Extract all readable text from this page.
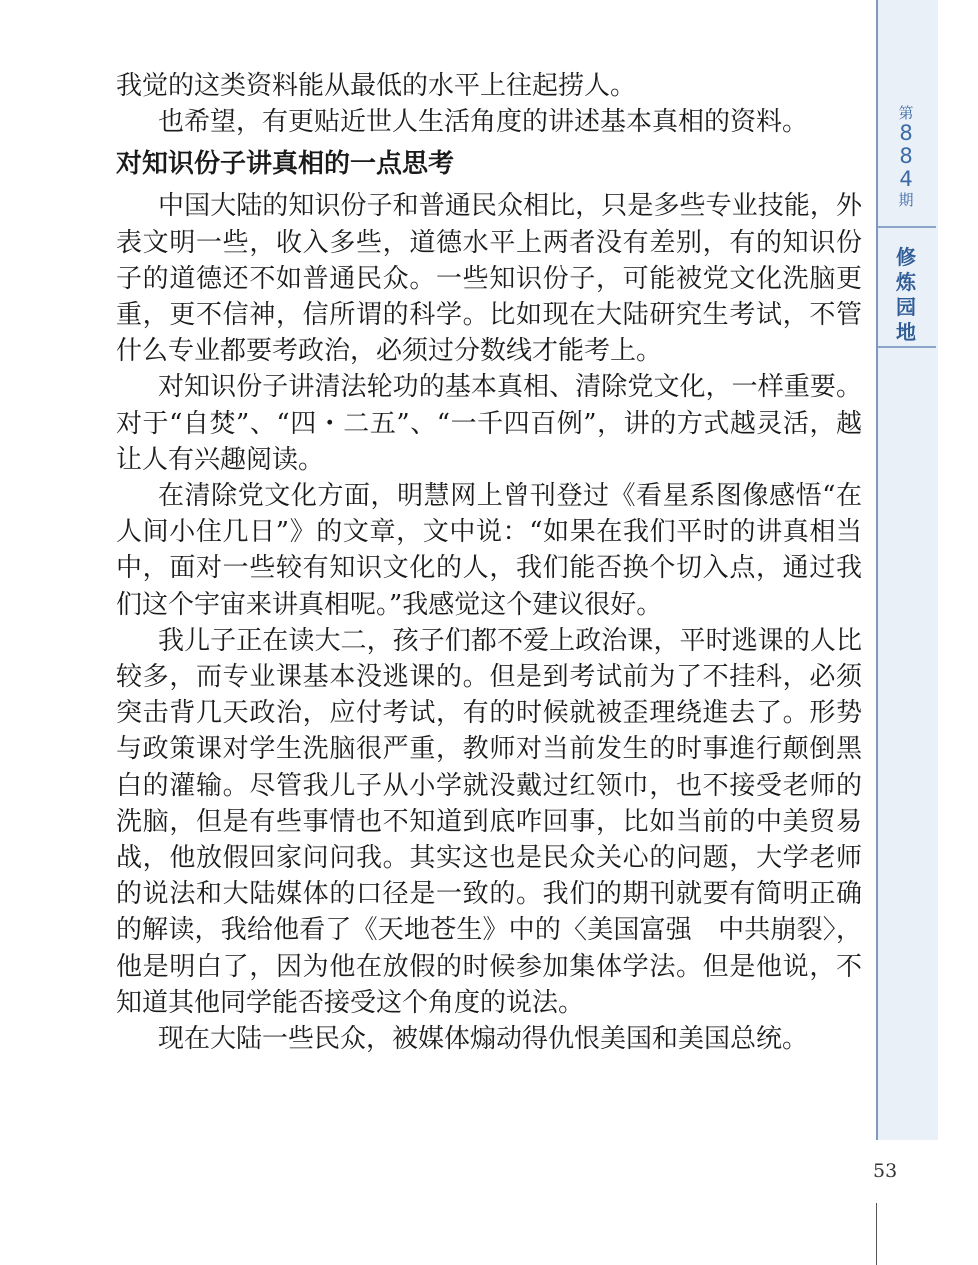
我觉的这类资料能从最低的水平上往起捞人。

也希望，有更贴近世人生活角度的讲述基本真相的资料。

对知识份子讲真相的一点思考

中国大陆的知识份子和普通民众相比，只是多些专业技能，外表文明一些，收入多些，道德水平上两者没有差别，有的知识份子的道德还不如普通民众。一些知识份子，可能被党文化洗脑更重，更不信神，信所谓的科学。比如现在大陆研究生考试，不管什么专业都要考政治，必须过分数线才能考上。

对知识份子讲清法轮功的基本真相、清除党文化，一样重要。对于“自焚”、“四・二五”、“一千四百例”，讲的方式越灵活，越让人有兴趣阅读。

在清除党文化方面，明慧网上曾刊登过《看星系图像感悟“在人间小住几日”》的文章，文中说：“如果在我们平时的讲真相当中，面对一些较有知识文化的人，我们能否换个切入点，通过我们这个宇宙来讲真相呢。”我感觉这个建议很好。

我儿子正在读大二，孩子们都不爱上政治课，平时逃课的人比较多，而专业课基本没逃课的。但是到考试前为了不挂科，必须突击背几天政治，应付考试，有的时候就被歪理绕進去了。形势与政策课对学生洗脑很严重，教师对当前发生的时事進行颠倒黑白的灌输。尽管我儿子从小学就没戴过红领巾，也不接受老师的洗脑，但是有些事情也不知道到底咋回事，比如当前的中美贸易战，他放假回家问问我。其实这也是民众关心的问题，大学老师的说法和大陆媒体的口径是一致的。我们的期刊就要有简明正确的解读，我给他看了《天地苍生》中的〈美国富强　中共崩裂〉，他是明白了，因为他在放假的时候参加集体学法。但是他说，不知道其他同学能否接受这个角度的说法。

现在大陆一些民众，被媒体煽动得仇恨美国和美国总统。

第
8
8
4
期
修
炼
园
地
53
